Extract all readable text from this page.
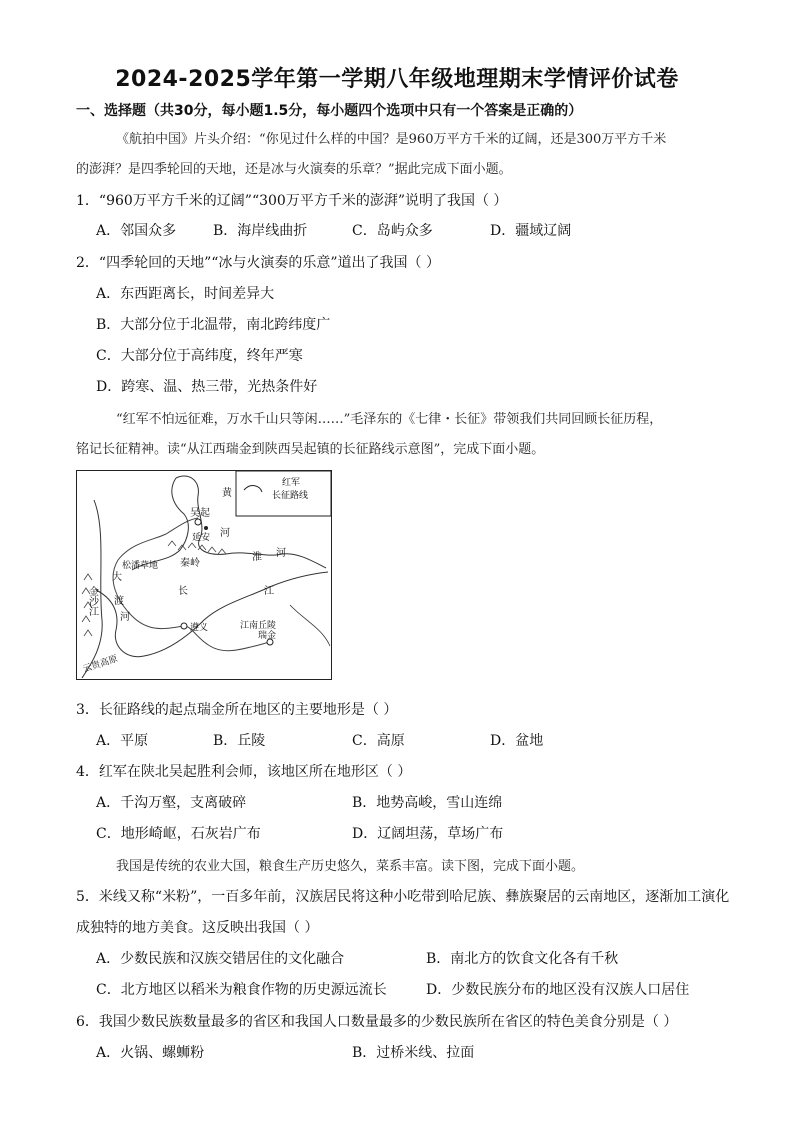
2024-2025学年第一学期八年级地理期末学情评价试卷
一、选择题（共30分，每小题1.5分，每小题四个选项中只有一个答案是正确的）
《航拍中国》片头介绍：“你见过什么样的中国？是960万平方千米的辽阔，还是300万平方千米
的澎湃？是四季轮回的天地，还是冰与火演奏的乐章？”据此完成下面小题。
1．“960万平方千米的辽阔”“300万平方千米的澎湃”说明了我国（ ）
A．邻国众多	B．海岸线曲折	C．岛屿众多	D．疆域辽阔
2．“四季轮回的天地”“冰与火演奏的乐意”道出了我国（ ）
A．东西距离长，时间差异大
B．大部分位于北温带，南北跨纬度广
C．大部分位于高纬度，终年严寒
D．跨寒、温、热三带，光热条件好
“红军不怕远征难，万水千山只等闲……”毛泽东的《七律・长征》带领我们共同回顾长征历程，
铭记长征精神。读“从江西瑞金到陕西吴起镇的长征路线示意图”，完成下面小题。
红军
长征路线
吴起
延安
黄
河
松潘草地 秦岭
淮 河
大
渡
河
金沙江	长	江
遵义	江南丘陵
瑞金
云贵高原
3．长征路线的起点瑞金所在地区的主要地形是（ ）
A．平原	B．丘陵	C．高原	D．盆地
4．红军在陕北吴起胜利会师，该地区所在地形区（ ）
A．千沟万壑，支离破碎	B．地势高峻，雪山连绵
C．地形崎岖，石灰岩广布	D．辽阔坦荡，草场广布
我国是传统的农业大国，粮食生产历史悠久，菜系丰富。读下图，完成下面小题。
5．米线又称“米粉”，一百多年前，汉族居民将这种小吃带到哈尼族、彝族聚居的云南地区，逐渐加工演化
成独特的地方美食。这反映出我国（ ）
A．少数民族和汉族交错居住的文化融合	B．南北方的饮食文化各有千秋
C．北方地区以稻米为粮食作物的历史源远流长	D．少数民族分布的地区没有汉族人口居住
6．我国少数民族数量最多的省区和我国人口数量最多的少数民族所在省区的特色美食分别是（ ）
A．火锅、螺蛳粉	B．过桥米线、拉面
